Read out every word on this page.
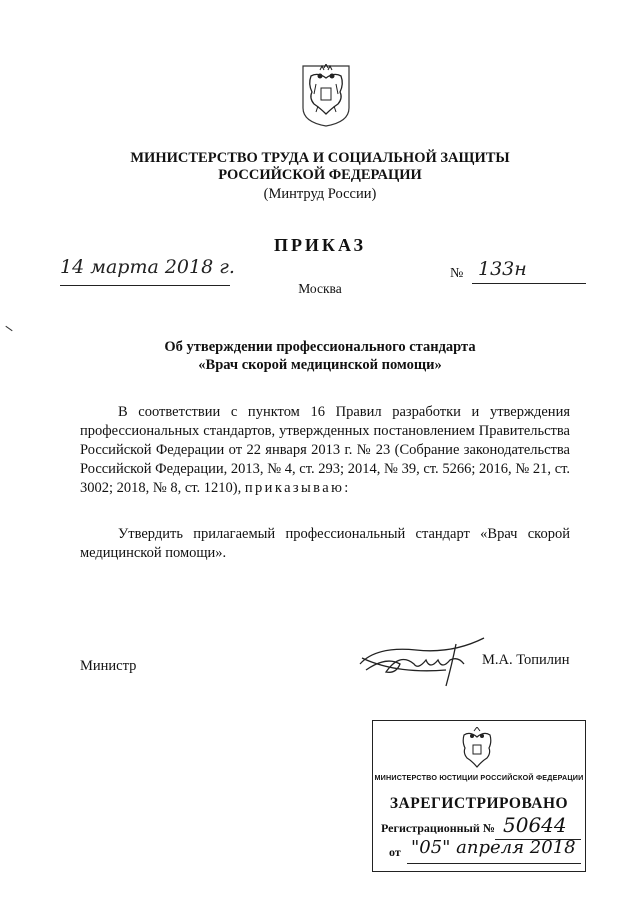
МИНИСТЕРСТВО ТРУДА И СОЦИАЛЬНОЙ ЗАЩИТЫ
РОССИЙСКОЙ ФЕДЕРАЦИИ
(Минтруд России)
ПРИКАЗ
14 марта 2018 г.	№ 133н
Москва
Об утверждении профессионального стандарта
«Врач скорой медицинской помощи»
В соответствии с пунктом 16 Правил разработки и утверждения профессиональных стандартов, утвержденных постановлением Правительства Российской Федерации от 22 января 2013 г. № 23 (Собрание законодательства Российской Федерации, 2013, № 4, ст. 293; 2014, № 39, ст. 5266; 2016, № 21, ст. 3002; 2018, № 8, ст. 1210), приказываю:
Утвердить прилагаемый профессиональный стандарт «Врач скорой медицинской помощи».
Министр	М.А. Топилин
МИНИСТЕРСТВО ЮСТИЦИИ РОССИЙСКОЙ ФЕДЕРАЦИИ
ЗАРЕГИСТРИРОВАНО
Регистрационный № 50644
от "05" апреля 2018
